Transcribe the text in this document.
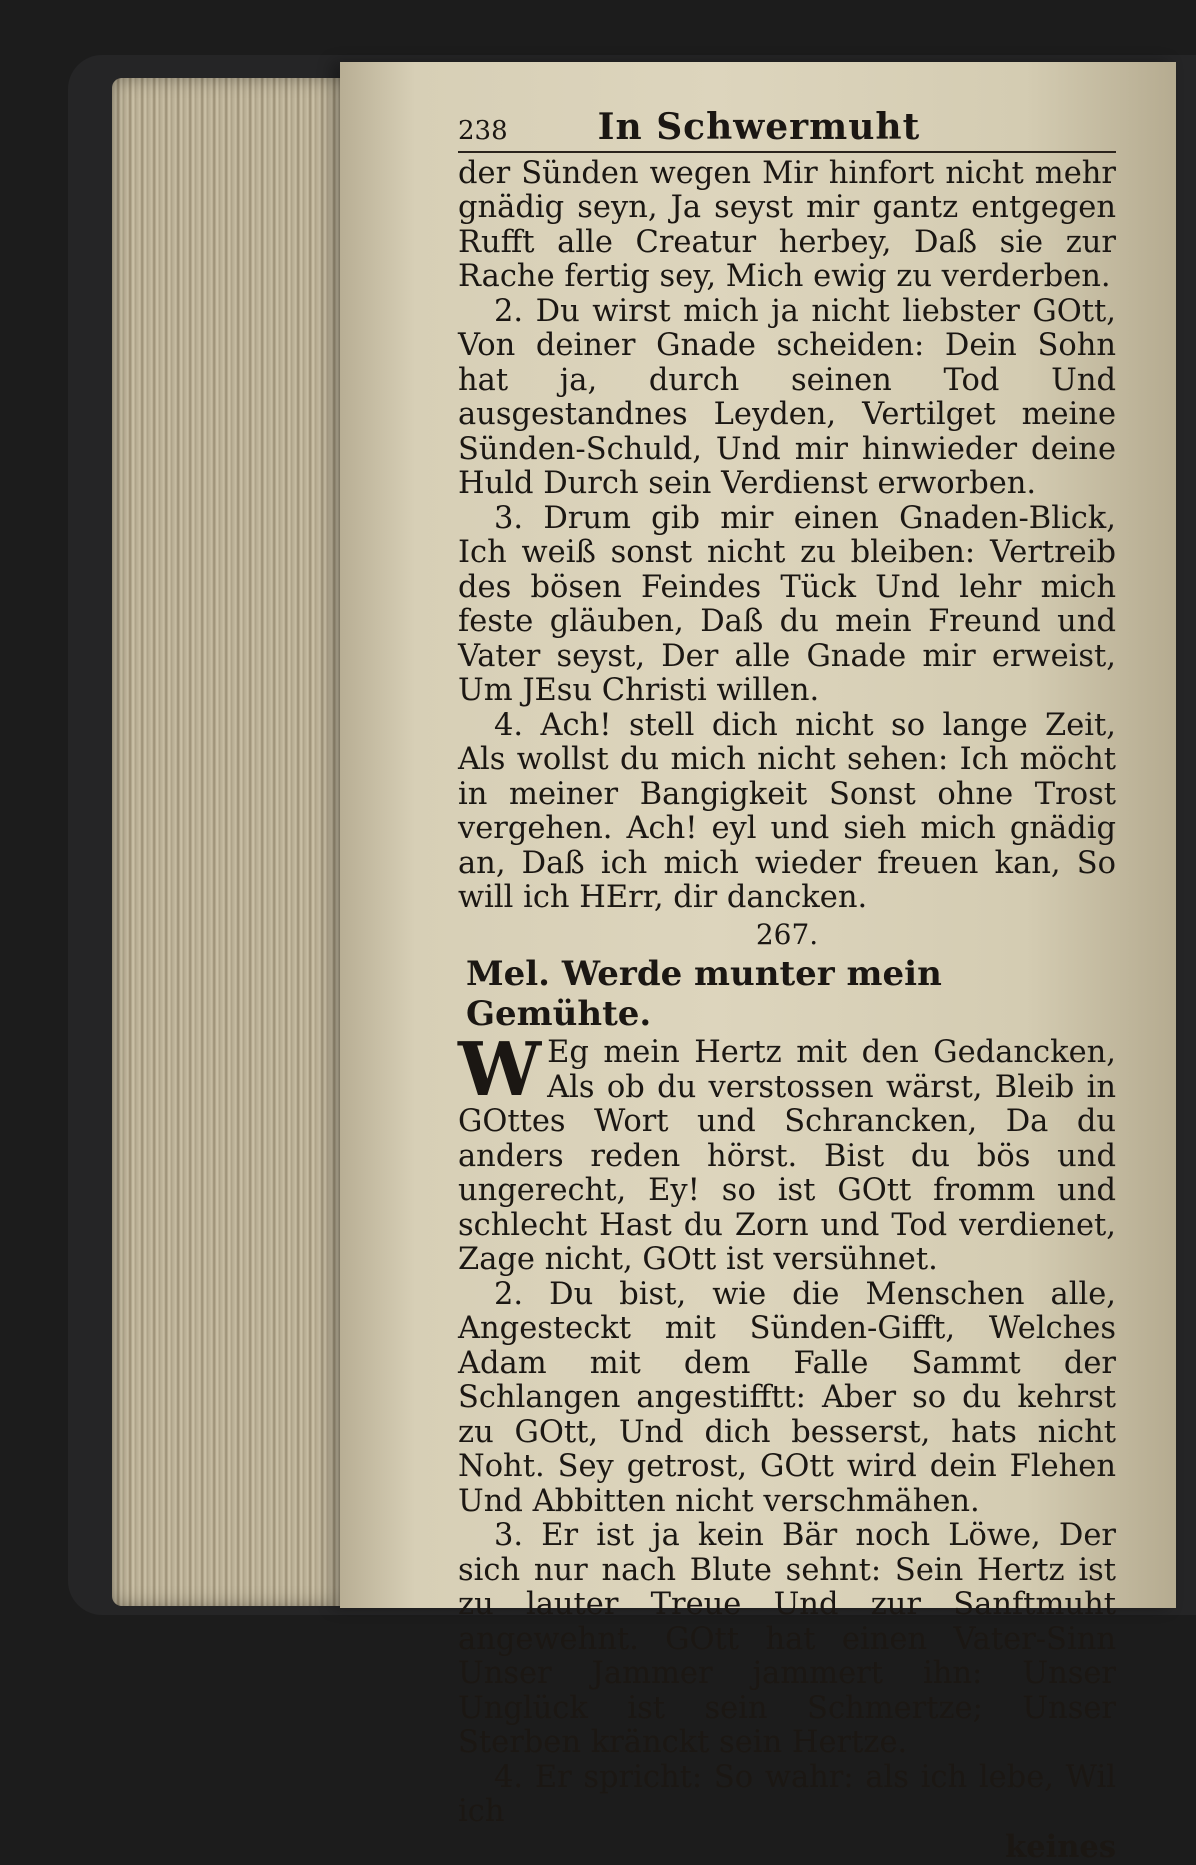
238	In Schwermuht

der Sünden wegen Mir hinfort nicht mehr gnädig seyn, Ja seyst mir gantz entgegen Rufft alle Creatur herbey, Daß sie zur Rache fertig sey, Mich ewig zu verderben.

2. Du wirst mich ja nicht liebster GOtt, Von deiner Gnade scheiden: Dein Sohn hat ja, durch seinen Tod Und ausgestandnes Leyden, Vertilget meine Sünden-Schuld, Und mir hinwieder deine Huld Durch sein Verdienst erworben.

3. Drum gib mir einen Gnaden-Blick, Ich weiß sonst nicht zu bleiben: Vertreib des bösen Feindes Tück Und lehr mich feste gläuben, Daß du mein Freund und Vater seyst, Der alle Gnade mir erweist, Um JEsu Christi willen.

4. Ach! stell dich nicht so lange Zeit, Als wollst du mich nicht sehen: Ich möcht in meiner Bangigkeit Sonst ohne Trost vergehen. Ach! eyl und sieh mich gnädig an, Daß ich mich wieder freuen kan, So will ich HErr, dir dancken.

267.

Mel. Werde munter mein Gemühte.

W Eg mein Hertz mit den Gedancken, Als ob du verstossen wärst, Bleib in GOttes Wort und Schrancken, Da du anders reden hörst. Bist du bös und ungerecht, Ey! so ist GOtt fromm und schlecht Hast du Zorn und Tod verdienet, Zage nicht, GOtt ist versühnet.

2. Du bist, wie die Menschen alle, Angesteckt mit Sünden-Gifft, Welches Adam mit dem Falle Sammt der Schlangen angestifftt: Aber so du kehrst zu GOtt, Und dich besserst, hats nicht Noht. Sey getrost, GOtt wird dein Flehen Und Abbitten nicht verschmähen.

3. Er ist ja kein Bär noch Löwe, Der sich nur nach Blute sehnt: Sein Hertz ist zu lauter Treue Und zur Sanftmuht angewehnt. GOtt hat einen Vater-Sinn Unser Jammer jammert ihn: Unser Unglück ist sein Schmertze; Unser Sterben kränckt sein Hertze.

4. Er spricht: So wahr: als ich lebe, Wil ich

keines
